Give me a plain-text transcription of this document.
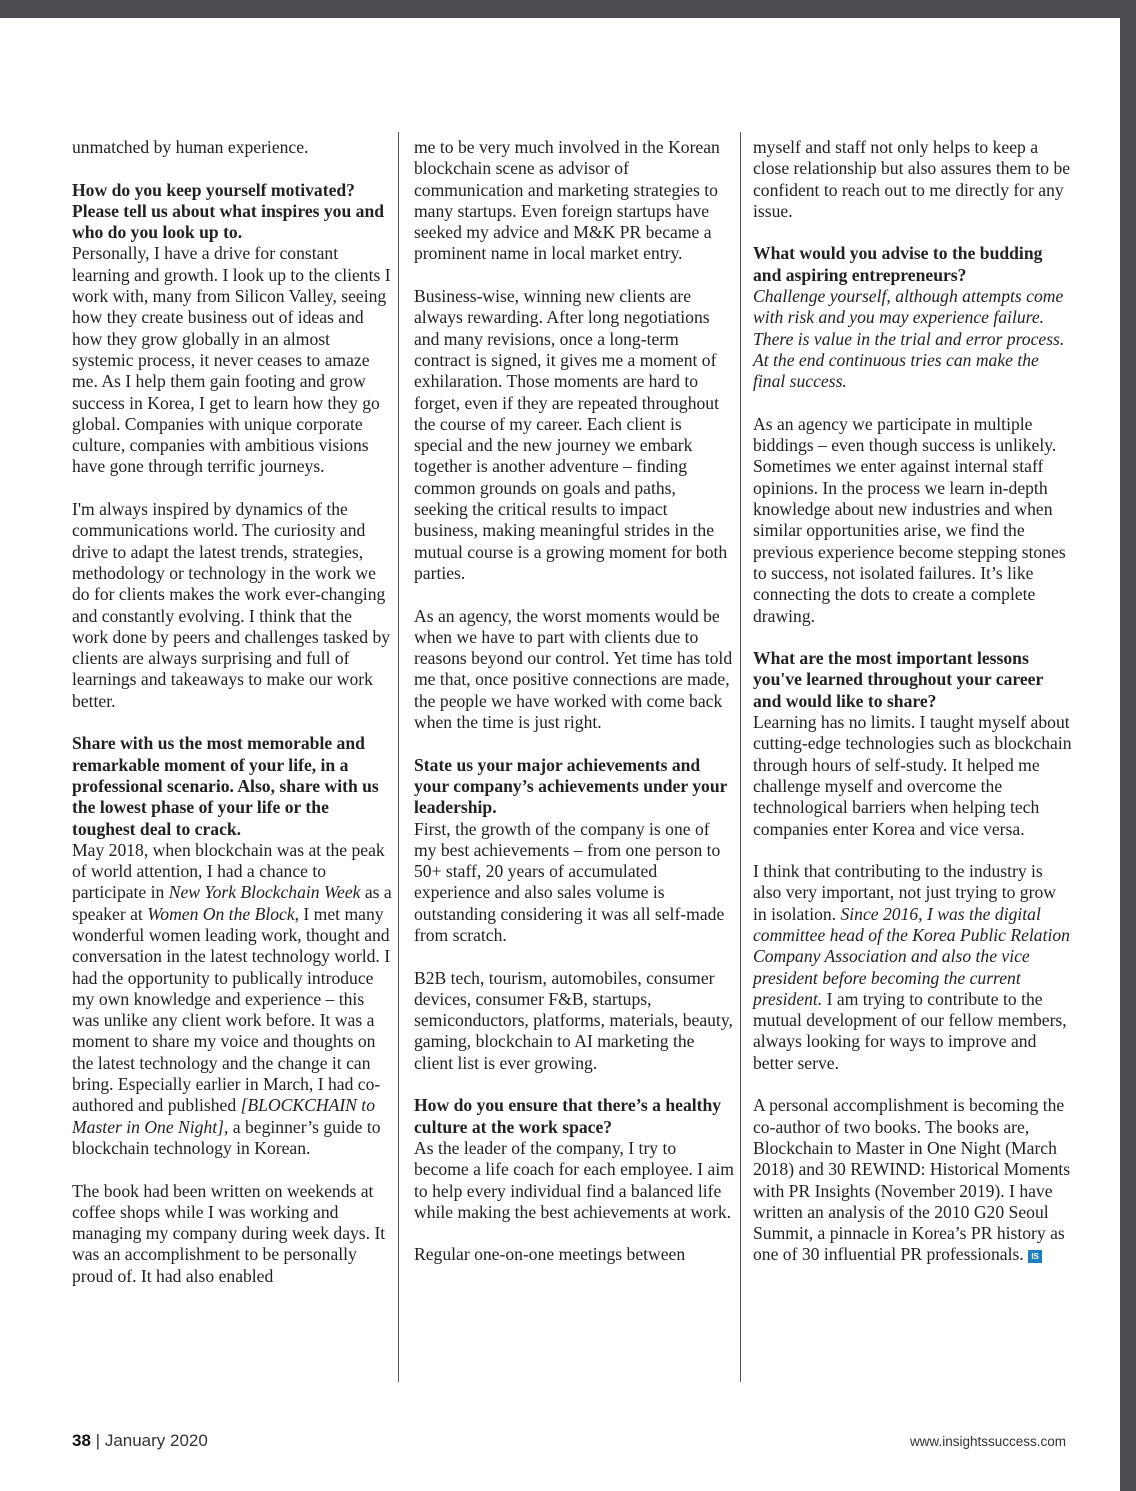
unmatched by human experience.

How do you keep yourself motivated? Please tell us about what inspires you and who do you look up to.
Personally, I have a drive for constant learning and growth. I look up to the clients I work with, many from Silicon Valley, seeing how they create business out of ideas and how they grow globally in an almost systemic process, it never ceases to amaze me. As I help them gain footing and grow success in Korea, I get to learn how they go global. Companies with unique corporate culture, companies with ambitious visions have gone through terrific journeys.

I'm always inspired by dynamics of the communications world. The curiosity and drive to adapt the latest trends, strategies, methodology or technology in the work we do for clients makes the work ever-changing and constantly evolving. I think that the work done by peers and challenges tasked by clients are always surprising and full of learnings and takeaways to make our work better.

Share with us the most memorable and remarkable moment of your life, in a professional scenario. Also, share with us the lowest phase of your life or the toughest deal to crack.
May 2018, when blockchain was at the peak of world attention, I had a chance to participate in New York Blockchain Week as a speaker at Women On the Block, I met many wonderful women leading work, thought and conversation in the latest technology world. I had the opportunity to publically introduce my own knowledge and experience – this was unlike any client work before. It was a moment to share my voice and thoughts on the latest technology and the change it can bring. Especially earlier in March, I had co-authored and published [BLOCKCHAIN to Master in One Night], a beginner’s guide to blockchain technology in Korean.

The book had been written on weekends at coffee shops while I was working and managing my company during week days. It was an accomplishment to be personally proud of. It had also enabled

me to be very much involved in the Korean blockchain scene as advisor of communication and marketing strategies to many startups. Even foreign startups have seeked my advice and M&K PR became a prominent name in local market entry.

Business-wise, winning new clients are always rewarding. After long negotiations and many revisions, once a long-term contract is signed, it gives me a moment of exhilaration. Those moments are hard to forget, even if they are repeated throughout the course of my career. Each client is special and the new journey we embark together is another adventure – finding common grounds on goals and paths, seeking the critical results to impact business, making meaningful strides in the mutual course is a growing moment for both parties.

As an agency, the worst moments would be when we have to part with clients due to reasons beyond our control. Yet time has told me that, once positive connections are made, the people we have worked with come back when the time is just right.

State us your major achievements and your company’s achievements under your leadership.
First, the growth of the company is one of my best achievements – from one person to 50+ staff, 20 years of accumulated experience and also sales volume is outstanding considering it was all self-made from scratch.

B2B tech, tourism, automobiles, consumer devices, consumer F&B, startups, semiconductors, platforms, materials, beauty, gaming, blockchain to AI marketing the client list is ever growing.

How do you ensure that there’s a healthy culture at the work space?
As the leader of the company, I try to become a life coach for each employee. I aim to help every individual find a balanced life while making the best achievements at work.

Regular one-on-one meetings between

myself and staff not only helps to keep a close relationship but also assures them to be confident to reach out to me directly for any issue.

What would you advise to the budding and aspiring entrepreneurs?
Challenge yourself, although attempts come with risk and you may experience failure. There is value in the trial and error process. At the end continuous tries can make the final success.

As an agency we participate in multiple biddings – even though success is unlikely. Sometimes we enter against internal staff opinions. In the process we learn in-depth knowledge about new industries and when similar opportunities arise, we find the previous experience become stepping stones to success, not isolated failures. It’s like connecting the dots to create a complete drawing.

What are the most important lessons you've learned throughout your career and would like to share?
Learning has no limits. I taught myself about cutting-edge technologies such as blockchain through hours of self-study. It helped me challenge myself and overcome the technological barriers when helping tech companies enter Korea and vice versa.

I think that contributing to the industry is also very important, not just trying to grow in isolation. Since 2016, I was the digital committee head of the Korea Public Relation Company Association and also the vice president before becoming the current president. I am trying to contribute to the mutual development of our fellow members, always looking for ways to improve and better serve.

A personal accomplishment is becoming the co-author of two books. The books are, Blockchain to Master in One Night (March 2018) and 30 REWIND: Historical Moments with PR Insights (November 2019). I have written an analysis of the 2010 G20 Seoul Summit, a pinnacle in Korea’s PR history as one of 30 influential PR professionals. IS

38 | January 2020	www.insightssuccess.com
